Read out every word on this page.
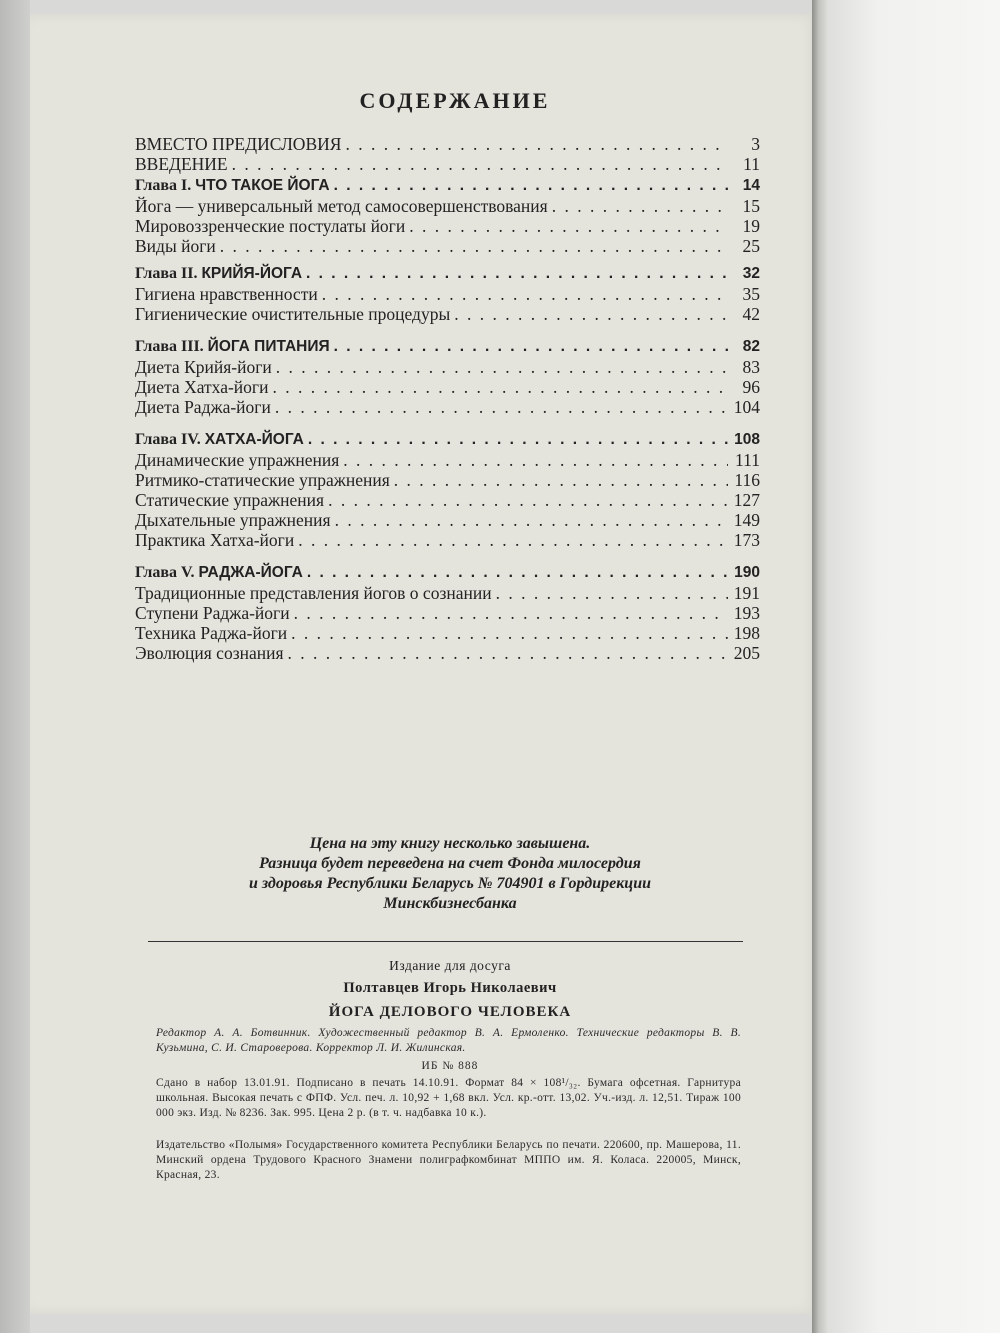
СОДЕРЖАНИЕ
ВМЕСТО ПРЕДИСЛОВИЯ . . .	3
ВВЕДЕНИЕ . . .	11
Глава I. ЧТО ТАКОЕ ЙОГА . . .	14
Йога — универсальный метод самосовершенствования . . .	15
Мировоззренческие постулаты йоги . . .	19
Виды йоги . . .	25
Глава II. КРИЙЯ-ЙОГА . . .	32
Гигиена нравственности . . .	35
Гигиенические очистительные процедуры . . .	42
Глава III. ЙОГА ПИТАНИЯ . . .	82
Диета Крийя-йоги . . .	83
Диета Хатха-йоги . . .	96
Диета Раджа-йоги . . .	104
Глава IV. ХАТХА-ЙОГА . . .	108
Динамические упражнения . . .	111
Ритмико-статические упражнения . . .	116
Статические упражнения . . .	127
Дыхательные упражнения . . .	149
Практика Хатха-йоги . . .	173
Глава V. РАДЖА-ЙОГА . . .	190
Традиционные представления йогов о сознании . . .	191
Ступени Раджа-йоги . . .	193
Техника Раджа-йоги . . .	198
Эволюция сознания . . .	205
Цена на эту книгу несколько завышена.
Разница будет переведена на счет Фонда милосердия
и здоровья Республики Беларусь № 704901 в Гордирекции
Минскбизнесбанка
Издание для досуга
Полтавцев Игорь Николаевич
ЙОГА ДЕЛОВОГО ЧЕЛОВЕКА
Редактор А. А. Ботвинник. Художественный редактор В. А. Ермоленко. Технические редакторы В. В. Кузьмина, С. И. Староверова. Корректор Л. И. Жилинская.
ИБ № 888
Сдано в набор 13.01.91. Подписано в печать 14.10.91. Формат 84 × 108¹/₃₂. Бумага офсетная. Гарнитура школьная. Высокая печать с ФПФ. Усл. печ. л. 10,92 + 1,68 вкл. Усл. кр.-отт. 13,02. Уч.-изд. л. 12,51. Тираж 100 000 экз. Изд. № 8236. Зак. 995. Цена 2 р. (в т. ч. надбавка 10 к.).
Издательство «Полымя» Государственного комитета Республики Беларусь по печати. 220600, пр. Машерова, 11. Минский ордена Трудового Красного Знамени полиграфкомбинат МППО им. Я. Коласа. 220005, Минск, Красная, 23.
